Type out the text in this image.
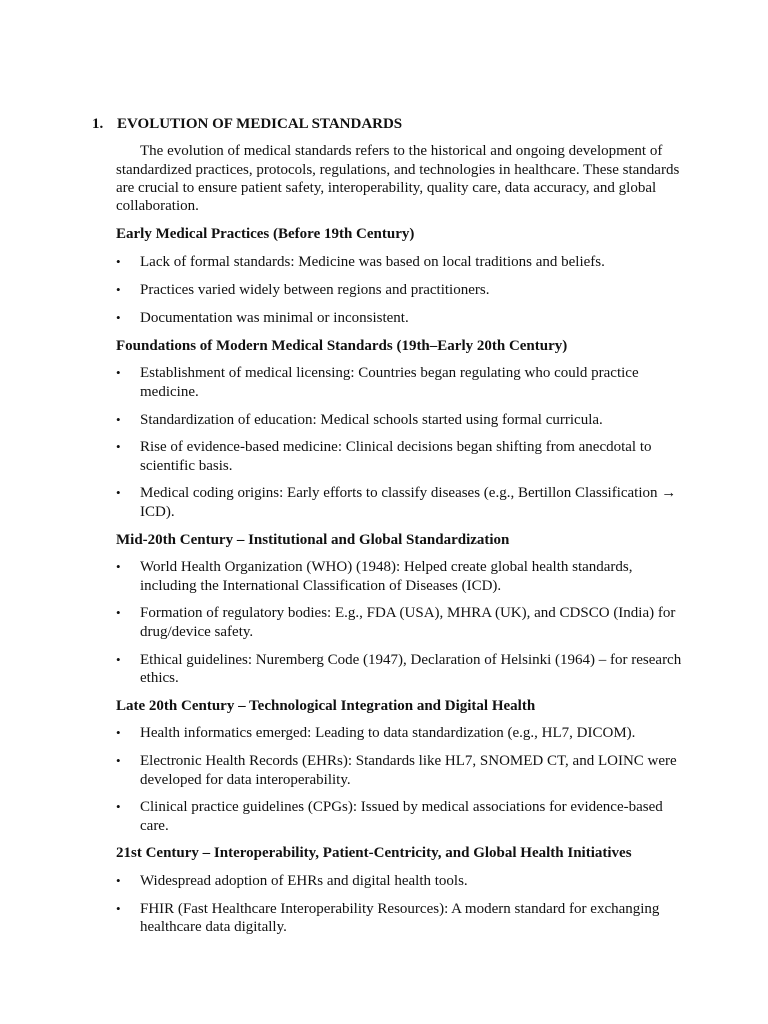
1. EVOLUTION OF MEDICAL STANDARDS

The evolution of medical standards refers to the historical and ongoing development of standardized practices, protocols, regulations, and technologies in healthcare. These standards are crucial to ensure patient safety, interoperability, quality care, data accuracy, and global collaboration.

Early Medical Practices (Before 19th Century)

•	Lack of formal standards: Medicine was based on local traditions and beliefs.
•	Practices varied widely between regions and practitioners.
•	Documentation was minimal or inconsistent.

Foundations of Modern Medical Standards (19th–Early 20th Century)

•	Establishment of medical licensing: Countries began regulating who could practice medicine.
•	Standardization of education: Medical schools started using formal curricula.
•	Rise of evidence-based medicine: Clinical decisions began shifting from anecdotal to scientific basis.
•	Medical coding origins: Early efforts to classify diseases (e.g., Bertillon Classification → ICD).

Mid-20th Century – Institutional and Global Standardization

•	World Health Organization (WHO) (1948): Helped create global health standards, including the International Classification of Diseases (ICD).
•	Formation of regulatory bodies: E.g., FDA (USA), MHRA (UK), and CDSCO (India) for drug/device safety.
•	Ethical guidelines: Nuremberg Code (1947), Declaration of Helsinki (1964) – for research ethics.

Late 20th Century – Technological Integration and Digital Health

•	Health informatics emerged: Leading to data standardization (e.g., HL7, DICOM).
•	Electronic Health Records (EHRs): Standards like HL7, SNOMED CT, and LOINC were developed for data interoperability.
•	Clinical practice guidelines (CPGs): Issued by medical associations for evidence-based care.

21st Century – Interoperability, Patient-Centricity, and Global Health Initiatives

•	Widespread adoption of EHRs and digital health tools.
•	FHIR (Fast Healthcare Interoperability Resources): A modern standard for exchanging healthcare data digitally.
